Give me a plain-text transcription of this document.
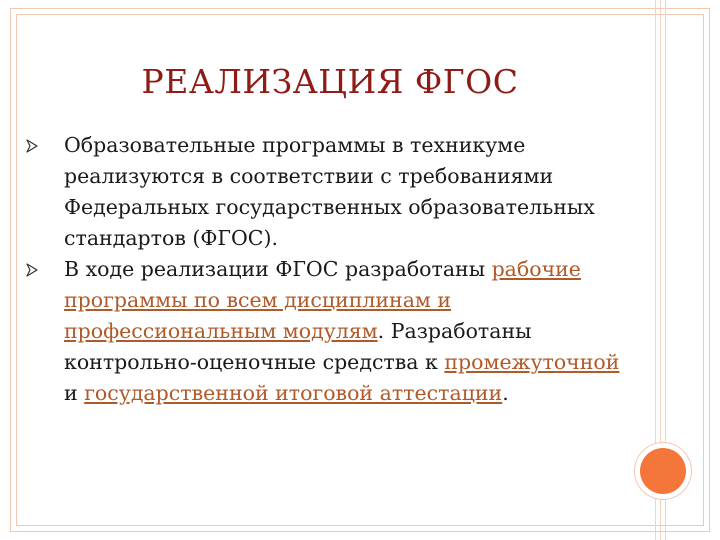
РЕАЛИЗАЦИЯ ФГОС
Образовательные программы в техникуме реализуются в соответствии с требованиями Федеральных государственных образовательных стандартов (ФГОС).
В ходе реализации ФГОС разработаны рабочие программы по всем дисциплинам и профессиональным модулям. Разработаны контрольно-оценочные средства к промежуточной и государственной итоговой аттестации.
